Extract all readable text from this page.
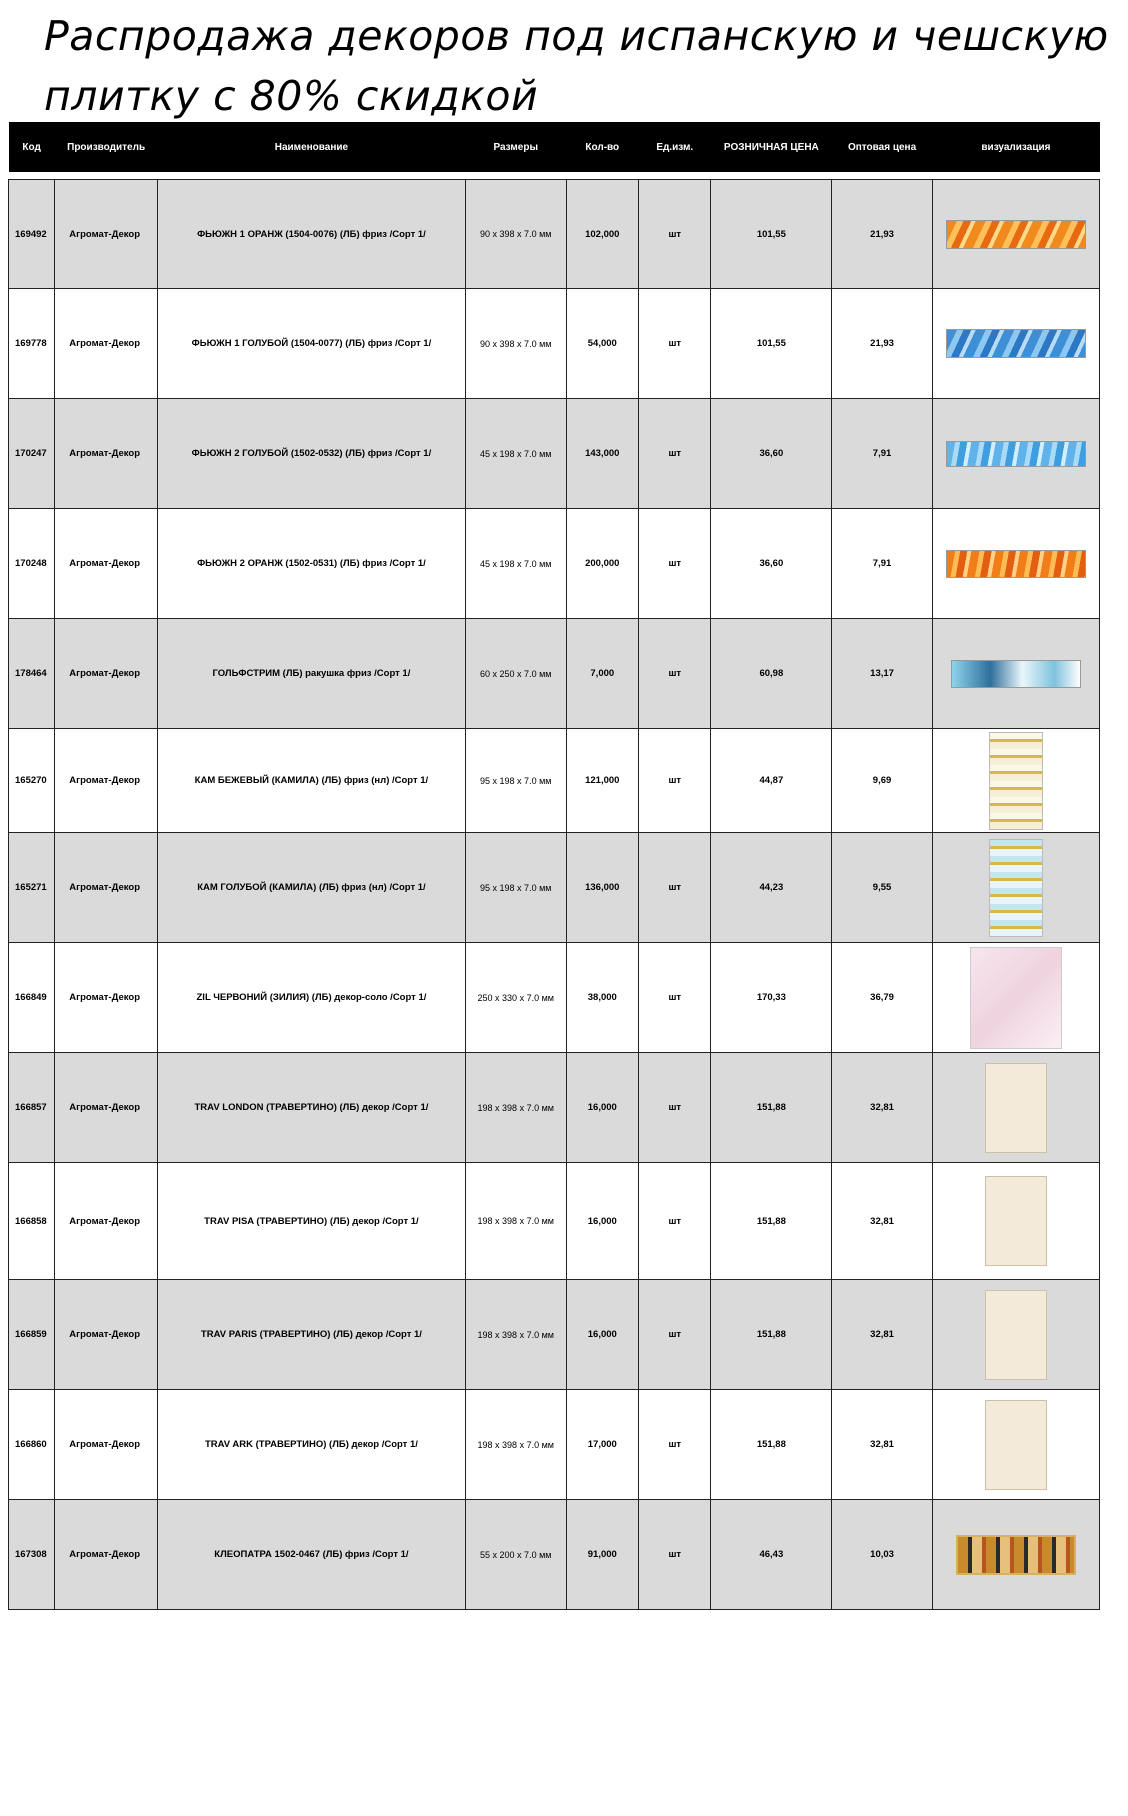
Распродажа декоров под испанскую и чешскую
плитку с 80% скидкой
Код	Производитель	Наименование	Размеры	Кол-во	Ед.изм.	РОЗНИЧНАЯ ЦЕНА	Оптовая цена	визуализация

169492	Агромат-Декор	ФЬЮЖН 1 ОРАНЖ (1504-0076) (ЛБ) фриз /Сорт 1/	90 x 398 x 7.0 мм	102,000	шт	101,55	21,93	

169778	Агромат-Декор	ФЬЮЖН 1 ГОЛУБОЙ (1504-0077) (ЛБ) фриз /Сорт 1/	90 x 398 x 7.0 мм	54,000	шт	101,55	21,93	

170247	Агромат-Декор	ФЬЮЖН 2 ГОЛУБОЙ (1502-0532) (ЛБ) фриз /Сорт 1/	45 x 198 x 7.0 мм	143,000	шт	36,60	7,91	

170248	Агромат-Декор	ФЬЮЖН 2 ОРАНЖ (1502-0531) (ЛБ) фриз /Сорт 1/	45 x 198 x 7.0 мм	200,000	шт	36,60	7,91	

178464	Агромат-Декор	ГОЛЬФСТРИМ (ЛБ) ракушка фриз /Сорт 1/	60 x 250 x 7.0 мм	7,000	шт	60,98	13,17	

165270	Агромат-Декор	КАМ БЕЖЕВЫЙ (КАМИЛА) (ЛБ) фриз (нл) /Сорт 1/	95 x 198 x 7.0 мм	121,000	шт	44,87	9,69	

165271	Агромат-Декор	КАМ ГОЛУБОЙ (КАМИЛА) (ЛБ) фриз (нл) /Сорт 1/	95 x 198 x 7.0 мм	136,000	шт	44,23	9,55	

166849	Агромат-Декор	ZIL ЧЕРВОНИЙ (ЗИЛИЯ) (ЛБ) декор-соло /Сорт 1/	250 x 330 x 7.0 мм	38,000	шт	170,33	36,79	

166857	Агромат-Декор	TRAV LONDON (ТРАВЕРТИНО) (ЛБ) декор /Сорт 1/	198 x 398 x 7.0 мм	16,000	шт	151,88	32,81	

166858	Агромат-Декор	TRAV PISA (ТРАВЕРТИНО) (ЛБ) декор /Сорт 1/	198 x 398 x 7.0 мм	16,000	шт	151,88	32,81	

166859	Агромат-Декор	TRAV PARIS (ТРАВЕРТИНО) (ЛБ) декор /Сорт 1/	198 x 398 x 7.0 мм	16,000	шт	151,88	32,81	

166860	Агромат-Декор	TRAV ARK (ТРАВЕРТИНО) (ЛБ) декор /Сорт 1/	198 x 398 x 7.0 мм	17,000	шт	151,88	32,81	

167308	Агромат-Декор	КЛЕОПАТРА 1502-0467 (ЛБ) фриз /Сорт 1/	55 x 200 x 7.0 мм	91,000	шт	46,43	10,03	
